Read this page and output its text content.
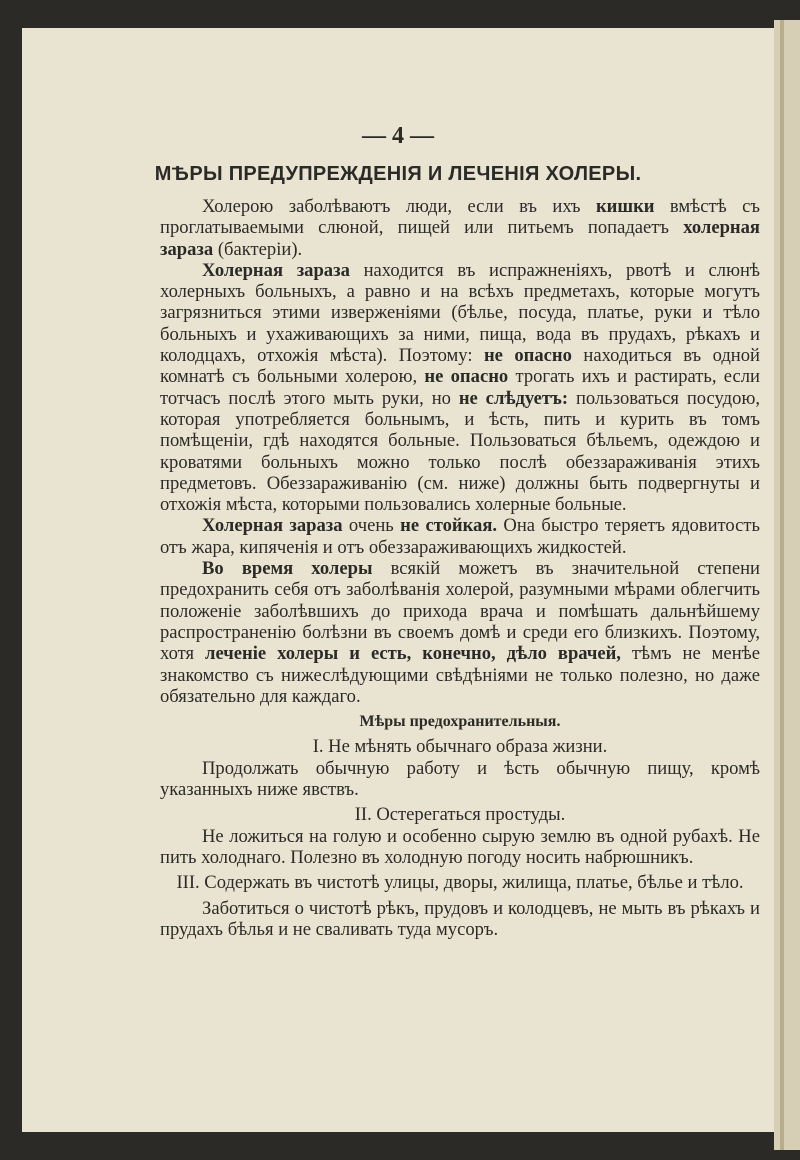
— 4 —
МѢРЫ ПРЕДУПРЕЖДЕНІЯ И ЛЕЧЕНІЯ ХОЛЕРЫ.

Холерою заболѣваютъ люди, если въ ихъ кишки вмѣстѣ съ проглатываемыми слюной, пищей или питьемъ попадаетъ холерная зараза (бактеріи).

Холерная зараза находится въ испражненіяхъ, рвотѣ и слюнѣ холерныхъ больныхъ, а равно и на всѣхъ предметахъ, которые могутъ загрязниться этими изверженіями (бѣлье, посуда, платье, руки и тѣло больныхъ и ухаживающихъ за ними, пища, вода въ прудахъ, рѣкахъ и колодцахъ, отхожія мѣста). Поэтому: не опасно находиться въ одной комнатѣ съ больными холерою, не опасно трогать ихъ и растирать, если тотчасъ послѣ этого мыть руки, но не слѣдуетъ: пользоваться посудою, которая употребляется больнымъ, и ѣсть, пить и курить въ томъ помѣщеніи, гдѣ находятся больные. Пользоваться бѣльемъ, одеждою и кроватями больныхъ можно только послѣ обеззараживанія этихъ предметовъ. Обеззараживанію (см. ниже) должны быть подвергнуты и отхожія мѣста, которыми пользовались холерные больные.

Холерная зараза очень не стойкая. Она быстро теряетъ ядовитость отъ жара, кипяченія и отъ обеззараживающихъ жидкостей.

Во время холеры всякій можетъ въ значительной степени предохранить себя отъ заболѣванія холерой, разумными мѣрами облегчить положеніе заболѣвшихъ до прихода врача и помѣшать дальнѣйшему распространенію болѣзни въ своемъ домѣ и среди его близкихъ. Поэтому, хотя леченіе холеры и есть, конечно, дѣло врачей, тѣмъ не менѣе знакомство съ нижеслѣдующими свѣдѣніями не только полезно, но даже обязательно для каждаго.

Мѣры предохранительныя.

I. Не мѣнять обычнаго образа жизни.

Продолжать обычную работу и ѣсть обычную пищу, кромѣ указанныхъ ниже явствъ.

II. Остерегаться простуды.

Не ложиться на голую и особенно сырую землю въ одной рубахѣ. Не пить холоднаго. Полезно въ холодную погоду носить набрюшникъ.

III. Содержать въ чистотѣ улицы, дворы, жилища, платье, бѣлье и тѣло.

Заботиться о чистотѣ рѣкъ, прудовъ и колодцевъ, не мыть въ рѣкахъ и прудахъ бѣлья и не сваливать туда мусоръ.
